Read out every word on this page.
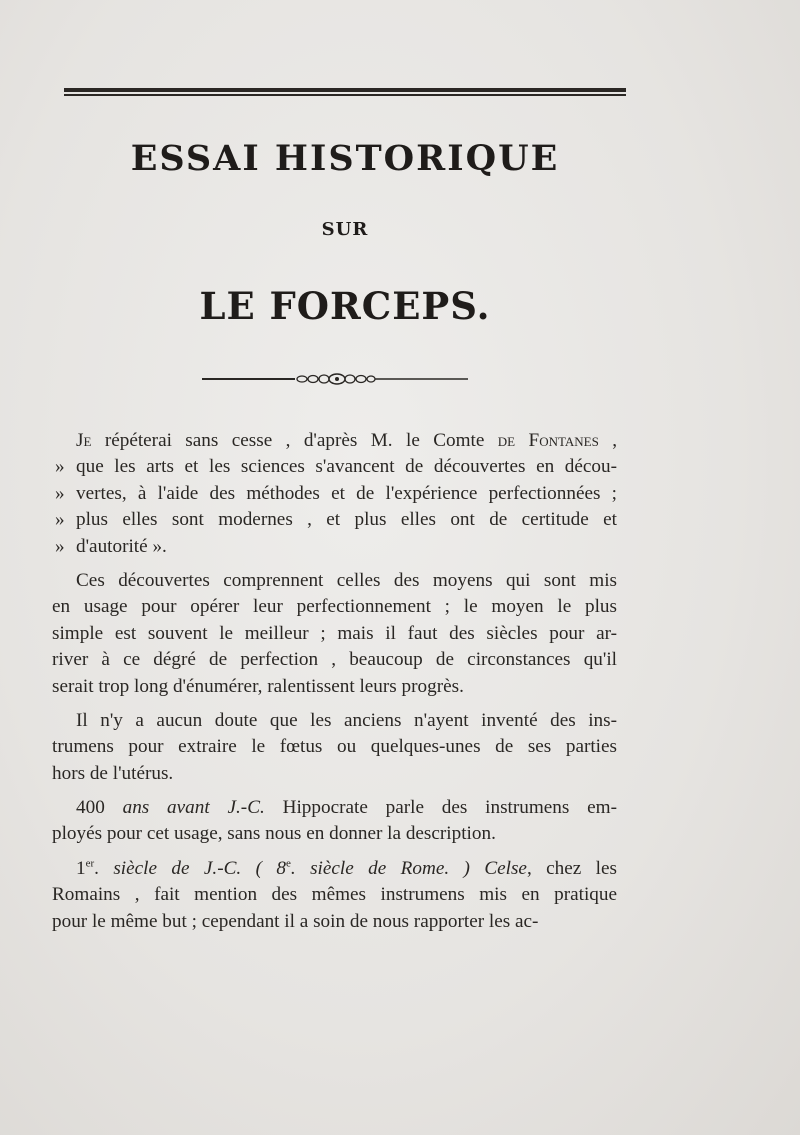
ESSAI HISTORIQUE
SUR
LE FORCEPS.
Je répéterai sans cesse , d'après M. le Comte de Fontanes ,
» que les arts et les sciences s'avancent de découvertes en décou-
» vertes, à l'aide des méthodes et de l'expérience perfectionnées ;
» plus elles sont modernes , et plus elles ont de certitude et
» d'autorité ».
Ces découvertes comprennent celles des moyens qui sont mis
en usage pour opérer leur perfectionnement ; le moyen le plus
simple est souvent le meilleur ; mais il faut des siècles pour ar-
river à ce dégré de perfection , beaucoup de circonstances qu'il
serait trop long d'énumérer, ralentissent leurs progrès.
Il n'y a aucun doute que les anciens n'ayent inventé des ins-
trumens pour extraire le fœtus ou quelques-unes de ses parties
hors de l'utérus.
400 ans avant J.-C. Hippocrate parle des instrumens em-
ployés pour cet usage, sans nous en donner la description.
1er. siècle de J.-C. ( 8e. siècle de Rome. ) Celse, chez les
Romains , fait mention des mêmes instrumens mis en pratique
pour le même but ; cependant il a soin de nous rapporter les ac-
